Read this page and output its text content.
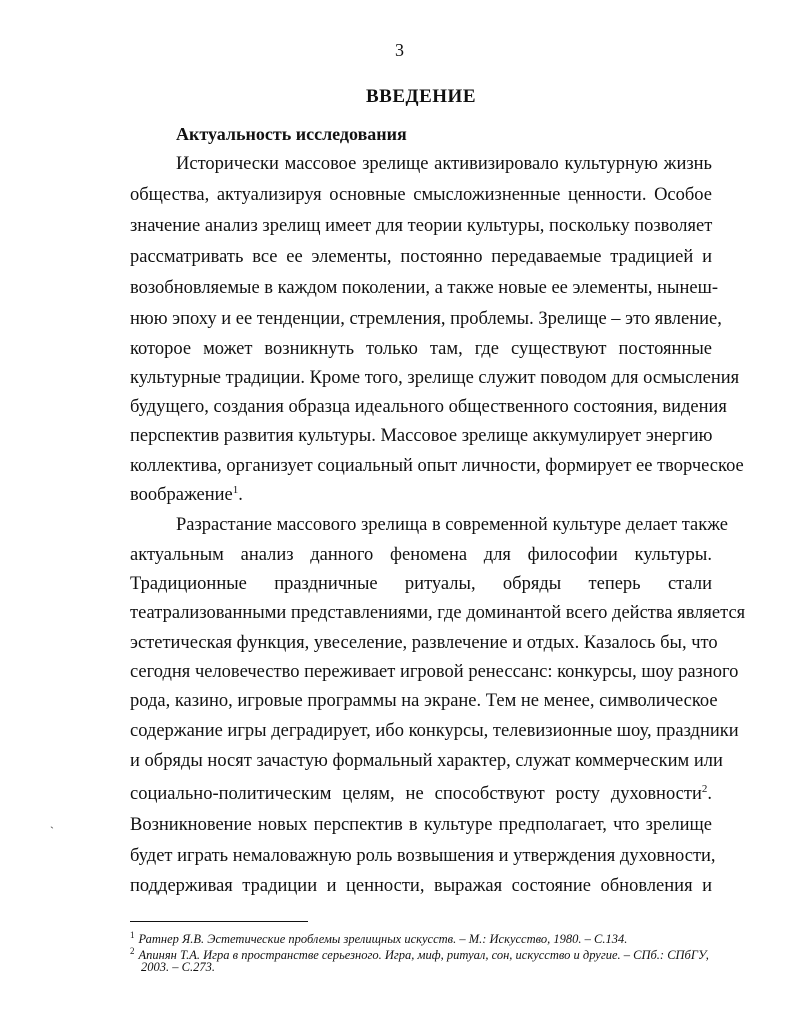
3
ВВЕДЕНИЕ
Актуальность исследования
Исторически массовое зрелище активизировало культурную жизнь
общества, актуализируя основные смысложизненные ценности. Особое
значение анализ зрелищ имеет для теории культуры, поскольку позволяет
рассматривать все ее элементы, постоянно передаваемые традицией и
возобновляемые в каждом поколении, а также новые ее элементы, нынеш-
нюю эпоху и ее тенденции, стремления, проблемы. Зрелище – это явление,
которое может возникнуть только там, где существуют постоянные
культурные традиции. Кроме того, зрелище служит поводом для осмысления
будущего, создания образца идеального общественного состояния, видения
перспектив развития культуры. Массовое зрелище аккумулирует энергию
коллектива, организует социальный опыт личности, формирует ее творческое
воображение$^1$.
Разрастание массового зрелища в современной культуре делает также
актуальным анализ данного феномена для философии культуры.
Традиционные праздничные ритуалы, обряды теперь стали
театрализованными представлениями, где доминантой всего действа является
эстетическая функция, увеселение, развлечение и отдых. Казалось бы, что
сегодня человечество переживает игровой ренессанс: конкурсы, шоу разного
рода, казино, игровые программы на экране. Тем не менее, символическое
содержание игры деградирует, ибо конкурсы, телевизионные шоу, праздники
и обряды носят зачастую формальный характер, служат коммерческим или
социально-политическим целям, не способствуют росту духовности$^2$.
Возникновение новых перспектив в культуре предполагает, что зрелище
будет играть немаловажную роль возвышения и утверждения духовности,
поддерживая традиции и ценности, выражая состояние обновления и
`
$^1$ Ратнер Я.В. Эстетические проблемы зрелищных искусств. – М.: Искусство, 1980. – С.134.
$^2$ Апинян Т.А. Игра в пространстве серьезного. Игра, миф, ритуал, сон, искусство и другие. – СПб.: СПбГУ,
2003. – С.273.
